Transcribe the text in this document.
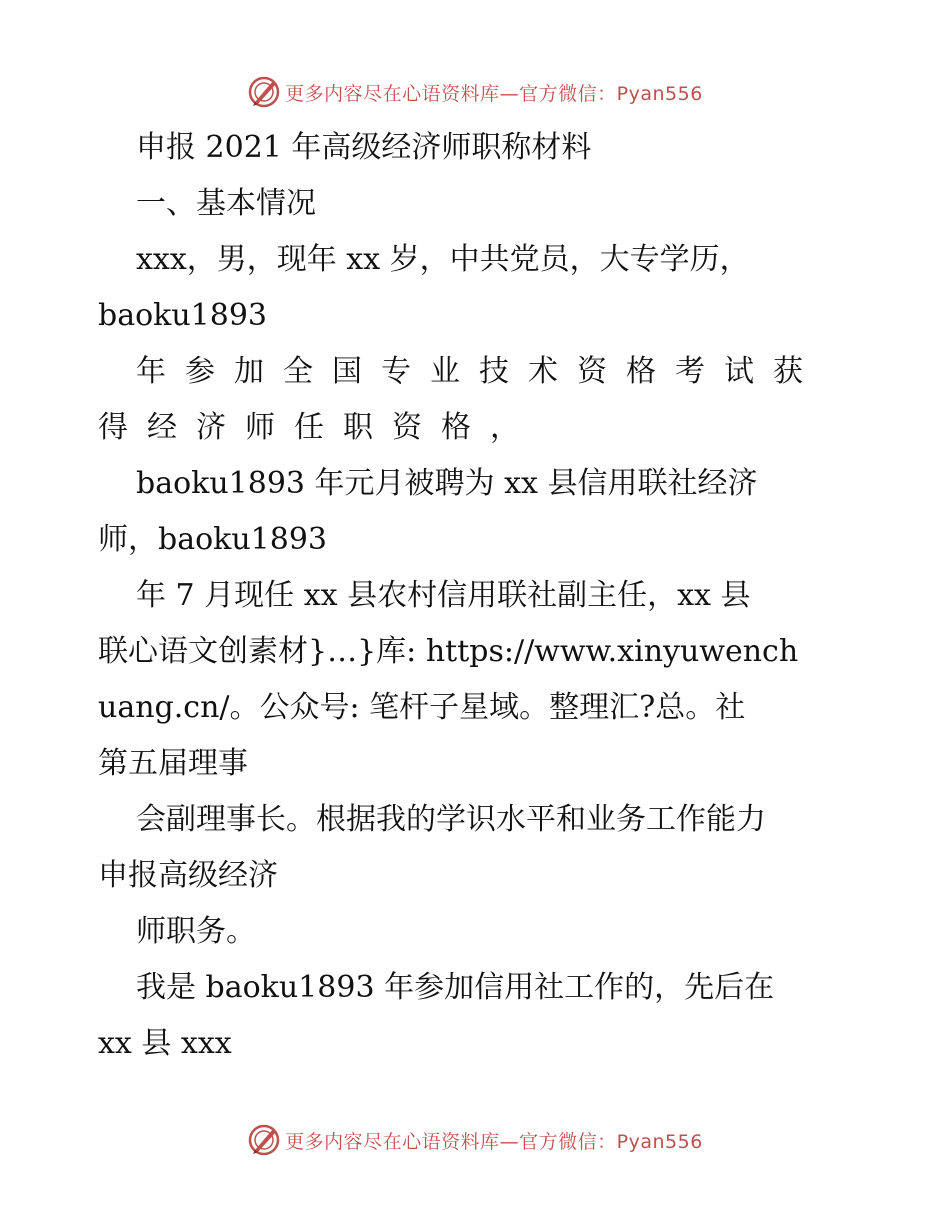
更多内容尽在心语资料库—官方微信：Pyan556
申报 2021 年高级经济师职称材料
一、基本情况
xxx，男，现年 xx 岁，中共党员，大专学历，
baoku1893
年参加全国专业技术资格考试获
得经济师任职资格，
baoku1893 年元月被聘为 xx 县信用联社经济
师，baoku1893
年 7 月现任 xx 县农村信用联社副主任，xx 县
联心语文创素材}…}库: https://www.xinyuwench
uang.cn/。公众号: 笔杆子星域。整理汇?总。社
第五届理事
会副理事长。根据我的学识水平和业务工作能力
申报高级经济
师职务。
我是 baoku1893 年参加信用社工作的，先后在
xx 县 xxx
更多内容尽在心语资料库—官方微信：Pyan556
